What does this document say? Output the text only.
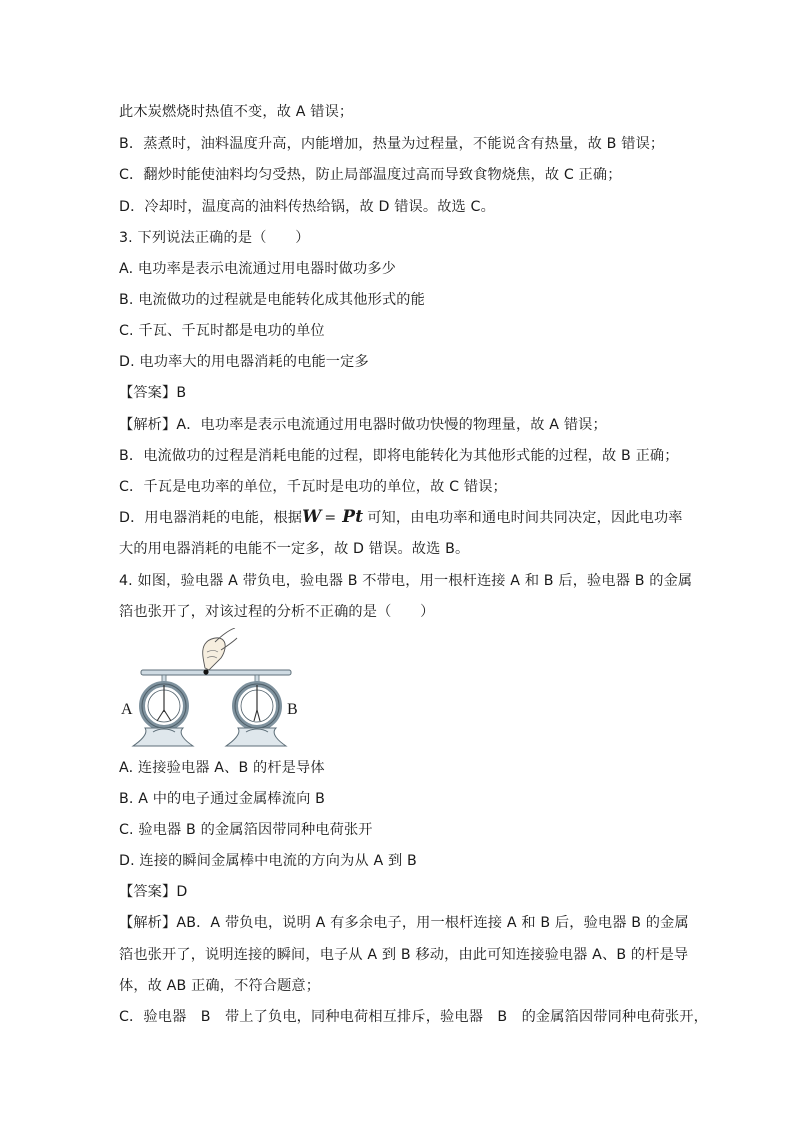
此木炭燃烧时热值不变，故 A 错误；
B．蒸煮时，油料温度升高，内能增加，热量为过程量，不能说含有热量，故 B 错误；
C．翻炒时能使油料均匀受热，防止局部温度过高而导致食物烧焦，故 C 正确；
D．冷却时，温度高的油料传热给锅，故 D 错误。故选 C。
3. 下列说法正确的是（　　）
A. 电功率是表示电流通过用电器时做功多少
B. 电流做功的过程就是电能转化成其他形式的能
C. 千瓦、千瓦时都是电功的单位
D. 电功率大的用电器消耗的电能一定多
【答案】B
【解析】A．电功率是表示电流通过用电器时做功快慢的物理量，故 A 错误；
B．电流做功的过程是消耗电能的过程，即将电能转化为其他形式能的过程，故 B 正确；
C．千瓦是电功率的单位，千瓦时是电功的单位，故 C 错误；
D．用电器消耗的电能，根据W = Pt 可知，由电功率和通电时间共同决定，因此电功率
大的用电器消耗的电能不一定多，故 D 错误。故选 B。
4. 如图，验电器 A 带负电，验电器 B 不带电，用一根杆连接 A 和 B 后，验电器 B 的金属
箔也张开了，对该过程的分析不正确的是（　　）
A	B
A. 连接验电器 A、B 的杆是导体
B. A 中的电子通过金属棒流向 B
C. 验电器 B 的金属箔因带同种电荷张开
D. 连接的瞬间金属棒中电流的方向为从 A 到 B
【答案】D
【解析】AB．A 带负电，说明 A 有多余电子，用一根杆连接 A 和 B 后，验电器 B 的金属
箔也张开了，说明连接的瞬间，电子从 A 到 B 移动，由此可知连接验电器 A、B 的杆是导
体，故 AB 正确，不符合题意；
C．验电器　B　带上了负电，同种电荷相互排斥，验电器　B　的金属箔因带同种电荷张开，
